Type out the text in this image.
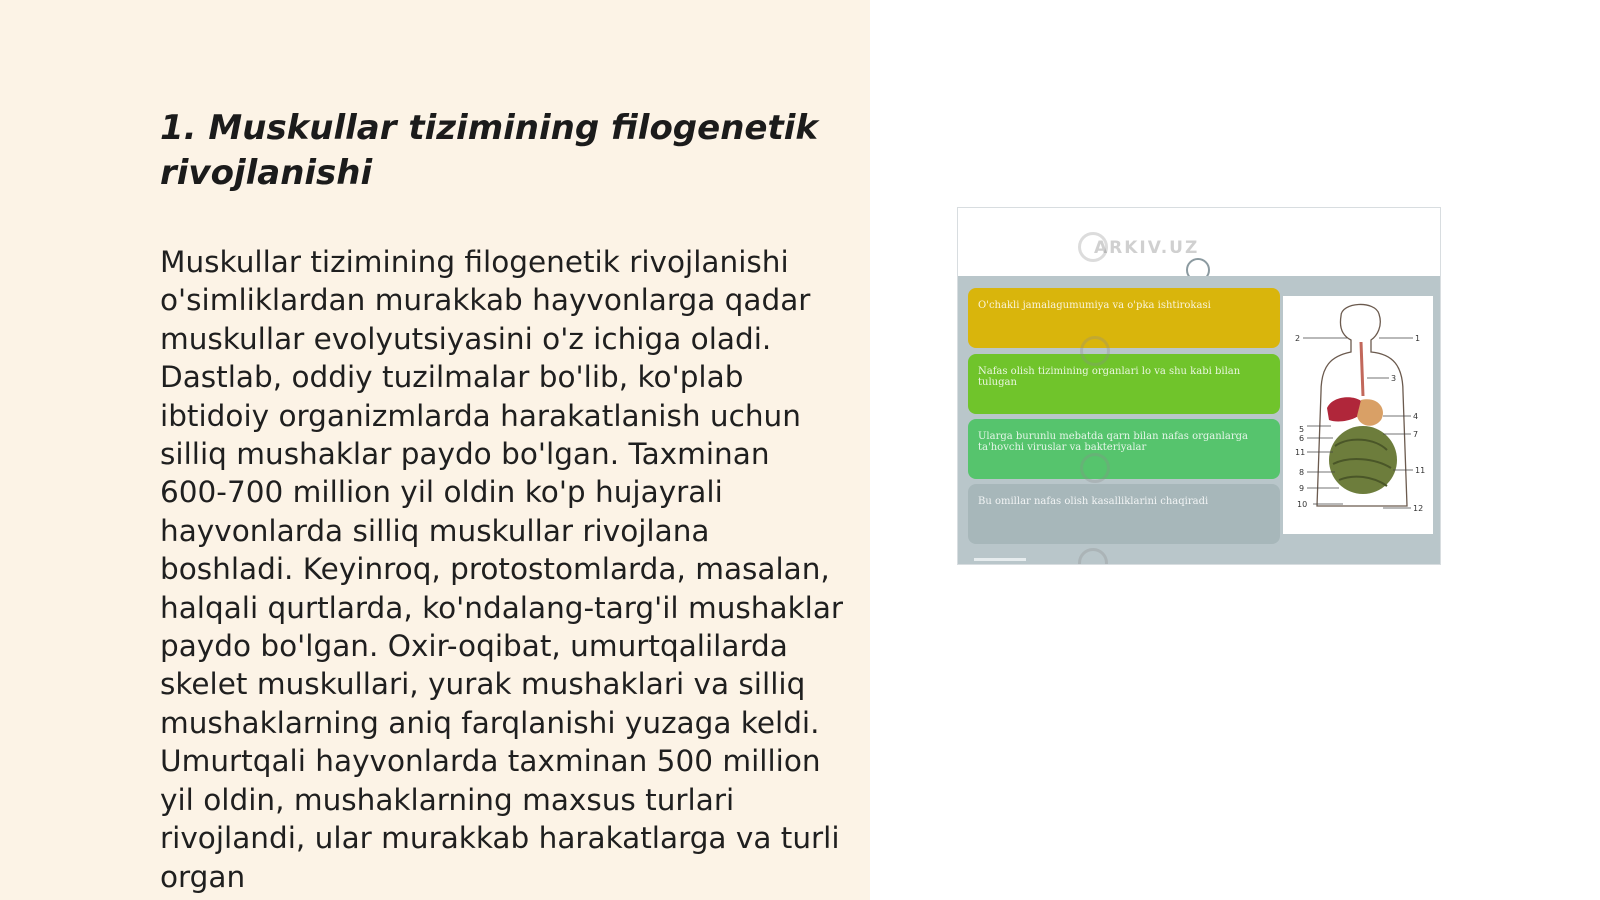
1. Muskullar tizimining filogenetik rivojlanishi

Muskullar tizimining filogenetik rivojlanishi o'simliklardan murakkab hayvonlarga qadar muskullar evolyutsiyasini o'z ichiga oladi. Dastlab, oddiy tuzilmalar bo'lib, ko'plab ibtidoiy organizmlarda harakatlanish uchun silliq mushaklar paydo bo'lgan. Taxminan 600-700 million yil oldin ko'p hujayrali hayvonlarda silliq muskullar rivojlana boshladi. Keyinroq, protostomlarda, masalan, halqali qurtlarda, ko'ndalang-targ'il mushaklar paydo bo'lgan. Oxir-oqibat, umurtqalilarda skelet muskullari, yurak mushaklari va silliq mushaklarning aniq farqlanishi yuzaga keldi. Umurtqali hayvonlarda taxminan 500 million yil oldin, mushaklarning maxsus turlari rivojlandi, ular murakkab harakatlarga va turli organ

ARKIV.UZ
O'chakli jamalagumumiya va o'pka ishtirokasi
Nafas olish tizimining organlari lo va shu kabi bilan tulugan
Ularga burunlu mebatda qarn bilan nafas organlarga ta'hovchi viruslar va bakteriyalar
Bu omillar nafas olish kasalliklarini chaqiradi
1
2
3
4
5
6	7
8
9
10
11
11
12
